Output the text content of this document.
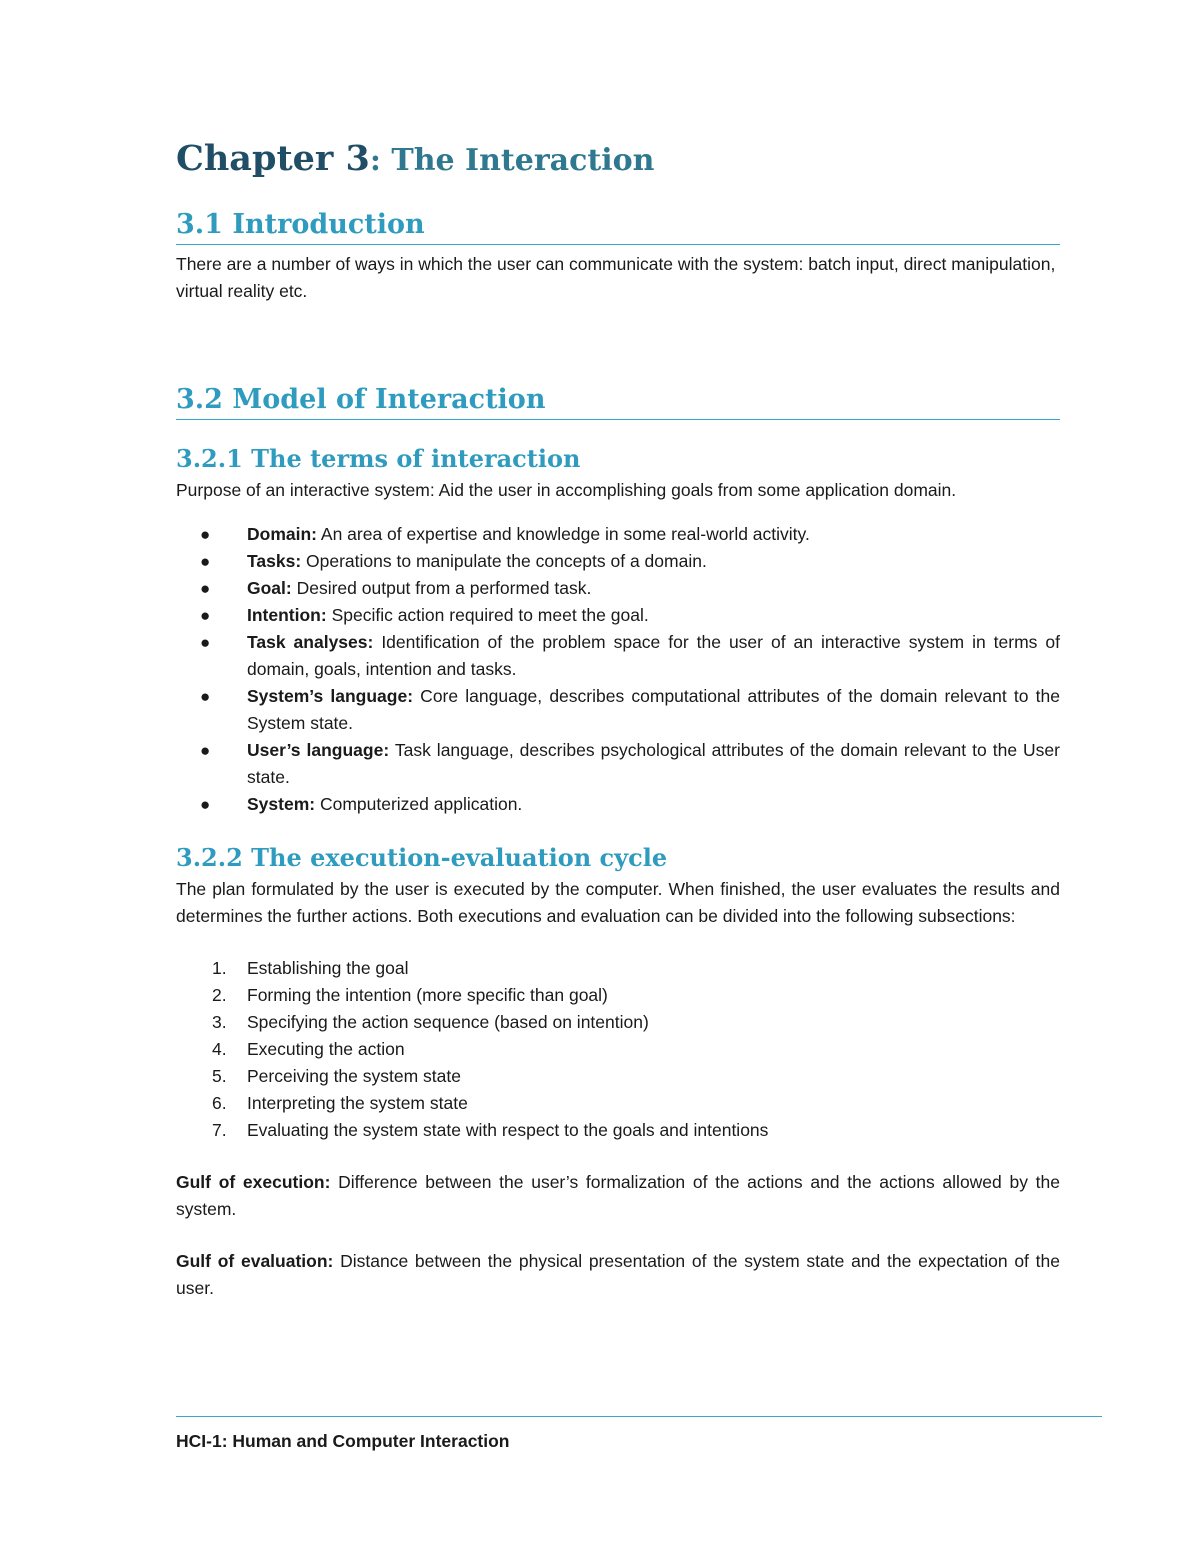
Chapter 3: The Interaction
3.1 Introduction

There are a number of ways in which the user can communicate with the system: batch input, direct manipulation, virtual reality etc.

3.2 Model of Interaction
3.2.1 The terms of interaction

Purpose of an interactive system: Aid the user in accomplishing goals from some application domain.

● Domain: An area of expertise and knowledge in some real-world activity.
● Tasks: Operations to manipulate the concepts of a domain.
● Goal: Desired output from a performed task.
● Intention: Specific action required to meet the goal.
● Task analyses: Identification of the problem space for the user of an interactive system in terms of domain, goals, intention and tasks.
● System’s language: Core language, describes computational attributes of the domain relevant to the System state.
● User’s language: Task language, describes psychological attributes of the domain relevant to the User state.
● System: Computerized application.
3.2.2 The execution-evaluation cycle

The plan formulated by the user is executed by the computer. When finished, the user evaluates the results and determines the further actions. Both executions and evaluation can be divided into the following subsections:

1. Establishing the goal
2. Forming the intention (more specific than goal)
3. Specifying the action sequence (based on intention)
4. Executing the action
5. Perceiving the system state
6. Interpreting the system state
7. Evaluating the system state with respect to the goals and intentions

Gulf of execution: Difference between the user’s formalization of the actions and the actions allowed by the system.

Gulf of evaluation: Distance between the physical presentation of the system state and the expectation of the user.

HCI-1: Human and Computer Interaction
